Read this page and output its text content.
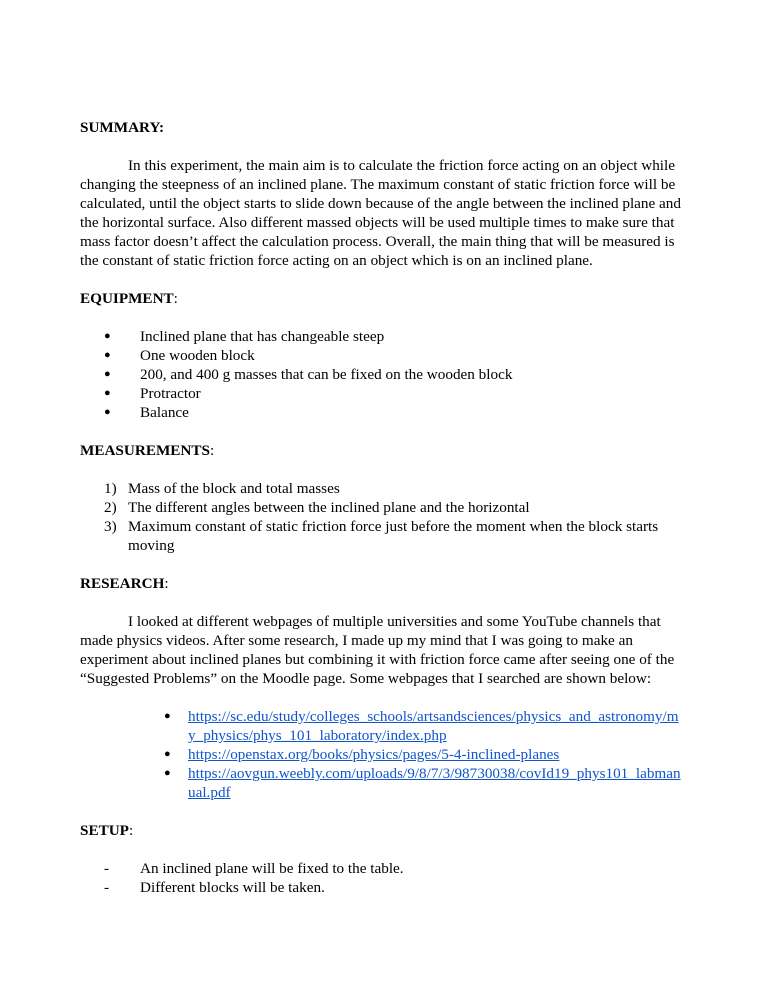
SUMMARY:

In this experiment, the main aim is to calculate the friction force acting on an object while changing the steepness of an inclined plane. The maximum constant of static friction force will be calculated, until the object starts to slide down because of the angle between the inclined plane and the horizontal surface. Also different massed objects will be used multiple times to make sure that mass factor doesn’t affect the calculation process. Overall, the main thing that will be measured is the constant of static friction force acting on an object which is on an inclined plane.

EQUIPMENT:
● Inclined plane that has changeable steep
● One wooden block
● 200, and 400 g masses that can be fixed on the wooden block
● Protractor
● Balance
MEASUREMENTS:
1) Mass of the block and total masses
2) The different angles between the inclined plane and the horizontal
3) Maximum constant of static friction force just before the moment when the block starts moving
RESEARCH:

I looked at different webpages of multiple universities and some YouTube channels that made physics videos. After some research, I made up my mind that I was going to make an experiment about inclined planes but combining it with friction force came after seeing one of the “Suggested Problems” on the Moodle page. Some webpages that I searched are shown below:

● https://sc.edu/study/colleges_schools/artsandsciences/physics_and_astronomy/my_physics/phys_101_laboratory/index.php
● https://openstax.org/books/physics/pages/5-4-inclined-planes
● https://aovgun.weebly.com/uploads/9/8/7/3/98730038/covId19_phys101_labmanual.pdf
SETUP:
- An inclined plane will be fixed to the table.
- Different blocks will be taken.
